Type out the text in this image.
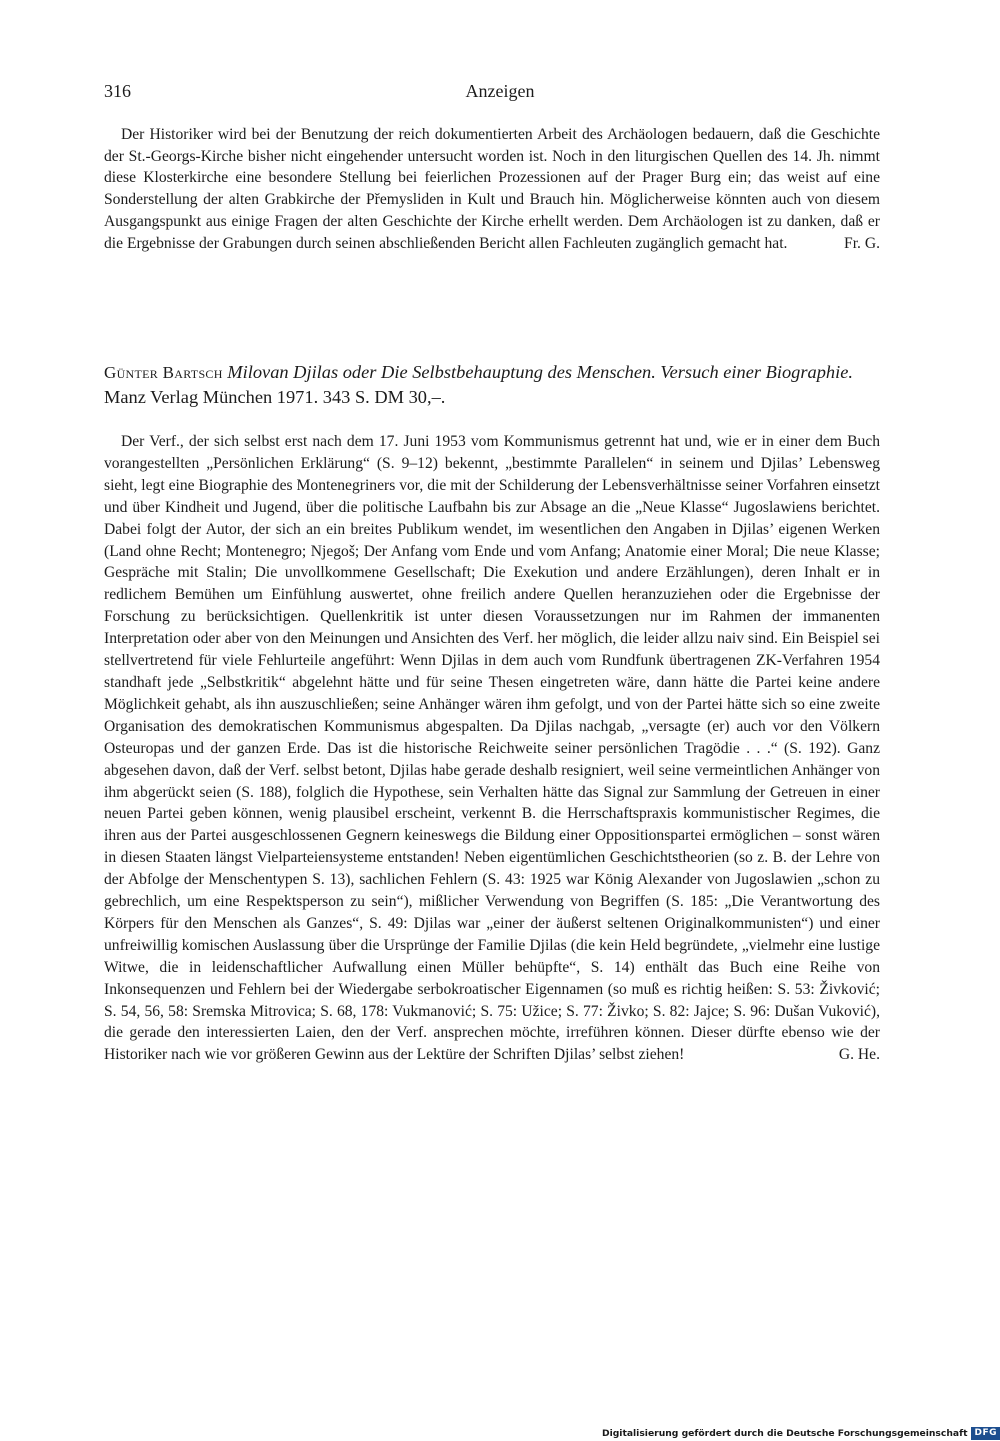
316	Anzeigen

Der Historiker wird bei der Benutzung der reich dokumentierten Arbeit des Archäologen bedauern, daß die Geschichte der St.-Georgs-Kirche bisher nicht eingehender untersucht worden ist. Noch in den liturgischen Quellen des 14. Jh. nimmt diese Klosterkirche eine besondere Stellung bei feierlichen Prozessionen auf der Prager Burg ein; das weist auf eine Sonderstellung der alten Grabkirche der Přemysliden in Kult und Brauch hin. Möglicherweise könnten auch von diesem Ausgangspunkt aus einige Fragen der alten Geschichte der Kirche erhellt werden. Dem Archäologen ist zu danken, daß er die Ergebnisse der Grabungen durch seinen abschließenden Bericht allen Fachleuten zugänglich gemacht hat.	Fr. G.

Günter Bartsch Milovan Djilas oder Die Selbstbehauptung des Menschen. Versuch einer Biographie. Manz Verlag München 1971. 343 S. DM 30,–.

Der Verf., der sich selbst erst nach dem 17. Juni 1953 vom Kommunismus getrennt hat und, wie er in einer dem Buch vorangestellten „Persönlichen Erklärung“ (S. 9–12) bekennt, „bestimmte Parallelen“ in seinem und Djilas’ Lebensweg sieht, legt eine Biographie des Montenegriners vor, die mit der Schilderung der Lebensverhältnisse seiner Vorfahren einsetzt und über Kindheit und Jugend, über die politische Laufbahn bis zur Absage an die „Neue Klasse“ Jugoslawiens berichtet. Dabei folgt der Autor, der sich an ein breites Publikum wendet, im wesentlichen den Angaben in Djilas’ eigenen Werken (Land ohne Recht; Montenegro; Njegoš; Der Anfang vom Ende und vom Anfang; Anatomie einer Moral; Die neue Klasse; Gespräche mit Stalin; Die unvollkommene Gesellschaft; Die Exekution und andere Erzählungen), deren Inhalt er in redlichem Bemühen um Einfühlung auswertet, ohne freilich andere Quellen heranzuziehen oder die Ergebnisse der Forschung zu berücksichtigen. Quellenkritik ist unter diesen Voraussetzungen nur im Rahmen der immanenten Interpretation oder aber von den Meinungen und Ansichten des Verf. her möglich, die leider allzu naiv sind. Ein Beispiel sei stellvertretend für viele Fehlurteile angeführt: Wenn Djilas in dem auch vom Rundfunk übertragenen ZK-Verfahren 1954 standhaft jede „Selbstkritik“ abgelehnt hätte und für seine Thesen eingetreten wäre, dann hätte die Partei keine andere Möglichkeit gehabt, als ihn auszuschließen; seine Anhänger wären ihm gefolgt, und von der Partei hätte sich so eine zweite Organisation des demokratischen Kommunismus abgespalten. Da Djilas nachgab, „versagte (er) auch vor den Völkern Osteuropas und der ganzen Erde. Das ist die historische Reichweite seiner persönlichen Tragödie . . .“ (S. 192). Ganz abgesehen davon, daß der Verf. selbst betont, Djilas habe gerade deshalb resigniert, weil seine vermeintlichen Anhänger von ihm abgerückt seien (S. 188), folglich die Hypothese, sein Verhalten hätte das Signal zur Sammlung der Getreuen in einer neuen Partei geben können, wenig plausibel erscheint, verkennt B. die Herrschaftspraxis kommunistischer Regimes, die ihren aus der Partei ausgeschlossenen Gegnern keineswegs die Bildung einer Oppositionspartei ermöglichen – sonst wären in diesen Staaten längst Vielparteiensysteme entstanden! Neben eigentümlichen Geschichtstheorien (so z. B. der Lehre von der Abfolge der Menschentypen S. 13), sachlichen Fehlern (S. 43: 1925 war König Alexander von Jugoslawien „schon zu gebrechlich, um eine Respektsperson zu sein“), mißlicher Verwendung von Begriffen (S. 185: „Die Verantwortung des Körpers für den Menschen als Ganzes“, S. 49: Djilas war „einer der äußerst seltenen Originalkommunisten“) und einer unfreiwillig komischen Auslassung über die Ursprünge der Familie Djilas (die kein Held begründete, „vielmehr eine lustige Witwe, die in leidenschaftlicher Aufwallung einen Müller behüpfte“, S. 14) enthält das Buch eine Reihe von Inkonsequenzen und Fehlern bei der Wiedergabe serbokroatischer Eigennamen (so muß es richtig heißen: S. 53: Živković; S. 54, 56, 58: Sremska Mitrovica; S. 68, 178: Vukmanović; S. 75: Užice; S. 77: Živko; S. 82: Jajce; S. 96: Dušan Vuković), die gerade den interessierten Laien, den der Verf. ansprechen möchte, irreführen können. Dieser dürfte ebenso wie der Historiker nach wie vor größeren Gewinn aus der Lektüre der Schriften Djilas’ selbst ziehen!	G. He.

Digitalisierung gefördert durch die Deutsche Forschungsgemeinschaft DFG
